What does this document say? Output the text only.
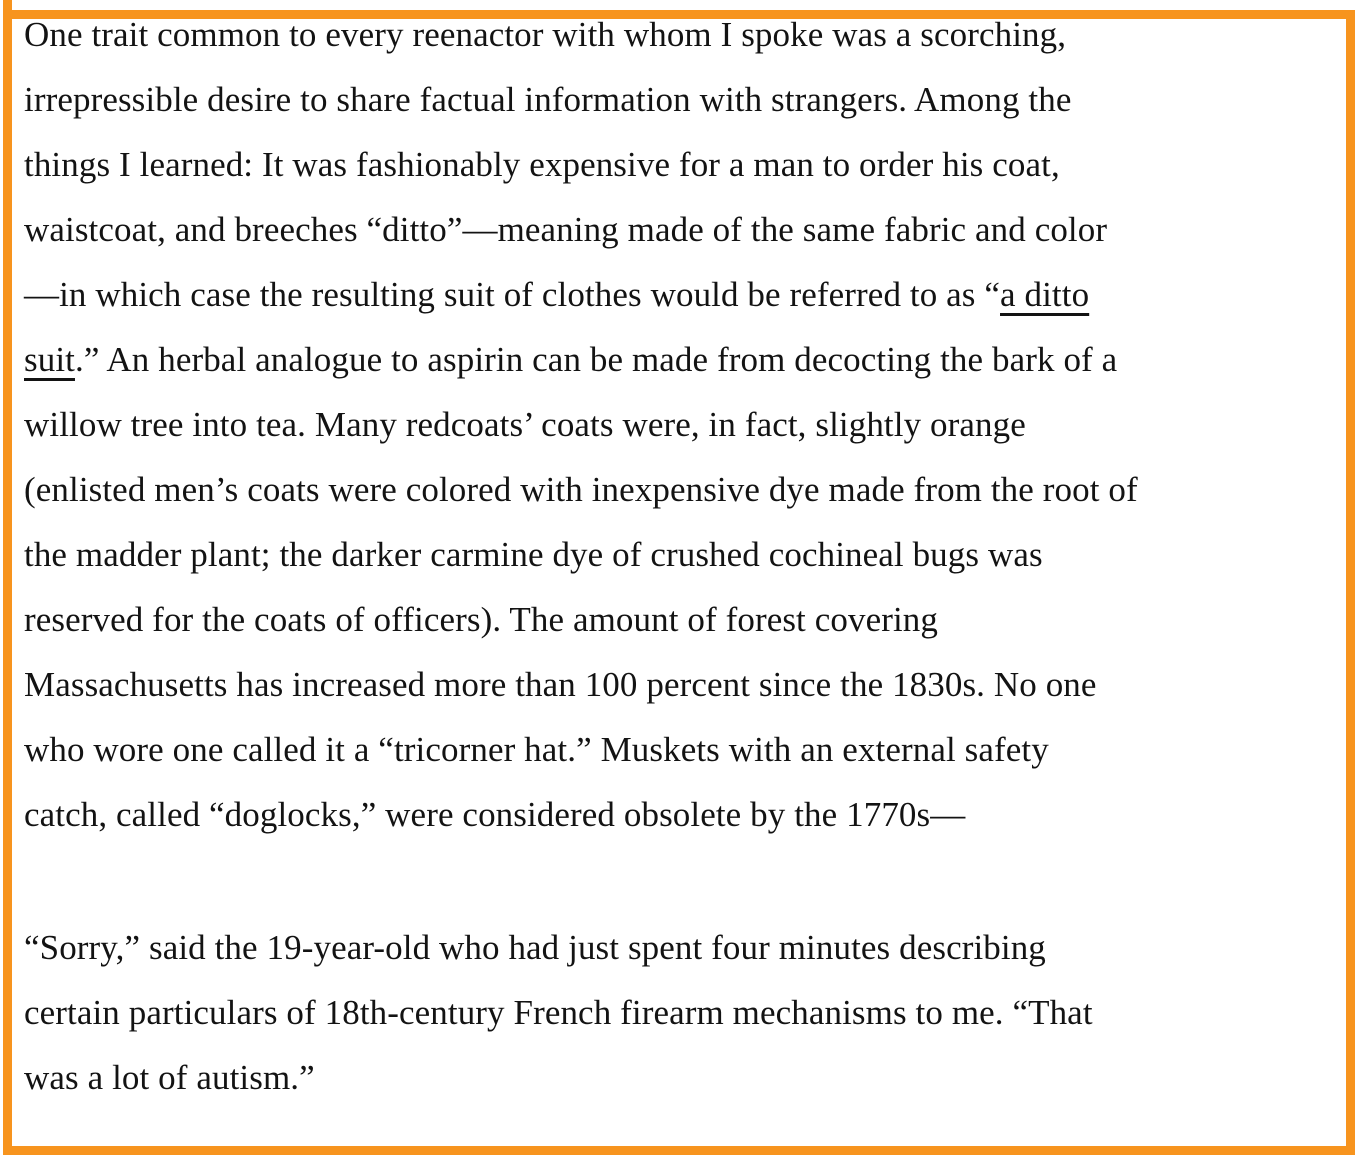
One trait common to every reenactor with whom I spoke was a scorching,
irrepressible desire to share factual information with strangers. Among the
things I learned: It was fashionably expensive for a man to order his coat,
waistcoat, and breeches “ditto”—meaning made of the same fabric and color
—in which case the resulting suit of clothes would be referred to as “a ditto
suit.” An herbal analogue to aspirin can be made from decocting the bark of a
willow tree into tea. Many redcoats’ coats were, in fact, slightly orange
(enlisted men’s coats were colored with inexpensive dye made from the root of
the madder plant; the darker carmine dye of crushed cochineal bugs was
reserved for the coats of officers). The amount of forest covering
Massachusetts has increased more than 100 percent since the 1830s. No one
who wore one called it a “tricorner hat.” Muskets with an external safety
catch, called “doglocks,” were considered obsolete by the 1770s—
“Sorry,” said the 19-year-old who had just spent four minutes describing
certain particulars of 18th-century French firearm mechanisms to me. “That
was a lot of autism.”
